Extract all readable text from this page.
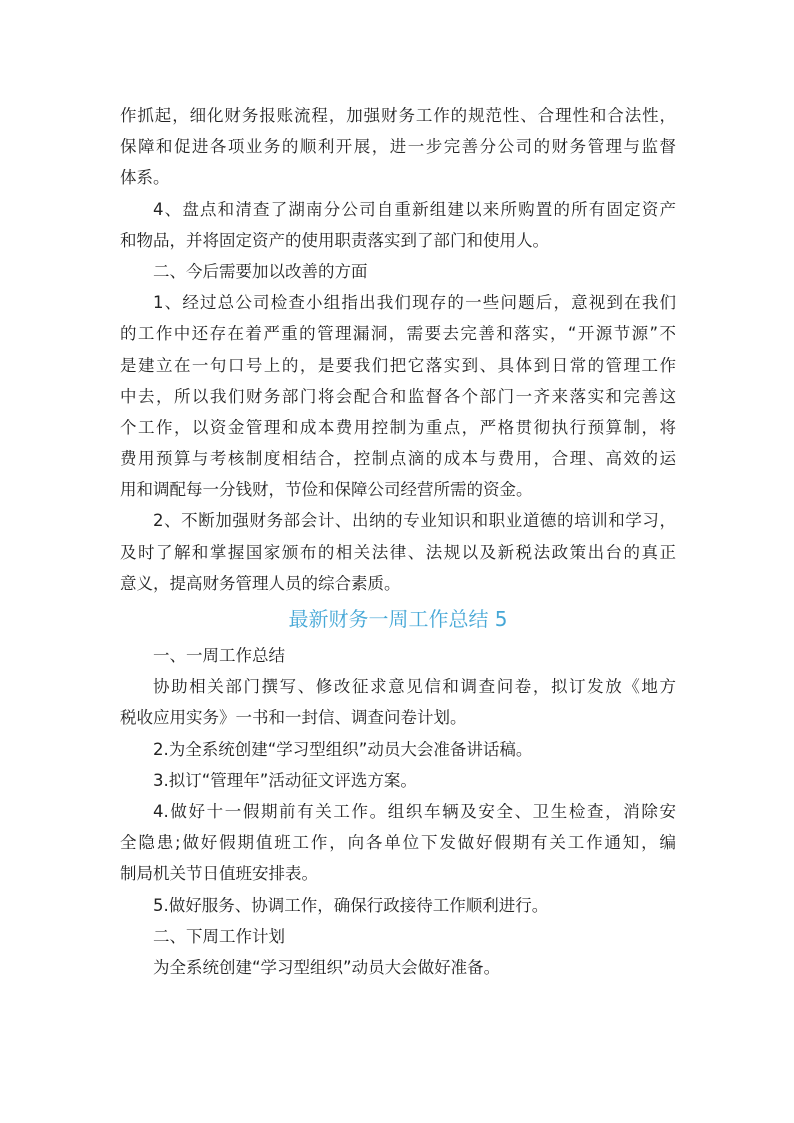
作抓起，细化财务报账流程，加强财务工作的规范性、合理性和合法性，
保障和促进各项业务的顺利开展，进一步完善分公司的财务管理与监督
体系。
4、盘点和清查了湖南分公司自重新组建以来所购置的所有固定资产
和物品，并将固定资产的使用职责落实到了部门和使用人。
二、今后需要加以改善的方面
1、经过总公司检查小组指出我们现存的一些问题后，意视到在我们
的工作中还存在着严重的管理漏洞，需要去完善和落实，“开源节源”不
是建立在一句口号上的，是要我们把它落实到、具体到日常的管理工作
中去，所以我们财务部门将会配合和监督各个部门一齐来落实和完善这
个工作，以资金管理和成本费用控制为重点，严格贯彻执行预算制，将
费用预算与考核制度相结合，控制点滴的成本与费用，合理、高效的运
用和调配每一分钱财，节俭和保障公司经营所需的资金。
2、不断加强财务部会计、出纳的专业知识和职业道德的培训和学习，
及时了解和掌握国家颁布的相关法律、法规以及新税法政策出台的真正
意义，提高财务管理人员的综合素质。
最新财务一周工作总结 5
一、一周工作总结
协助相关部门撰写、修改征求意见信和调查问卷，拟订发放《地方
税收应用实务》一书和一封信、调查问卷计划。
2.为全系统创建“学习型组织”动员大会准备讲话稿。
3.拟订“管理年”活动征文评选方案。
4.做好十一假期前有关工作。组织车辆及安全、卫生检查，消除安
全隐患;做好假期值班工作，向各单位下发做好假期有关工作通知，编
制局机关节日值班安排表。
5.做好服务、协调工作，确保行政接待工作顺利进行。
二、下周工作计划
为全系统创建“学习型组织”动员大会做好准备。
